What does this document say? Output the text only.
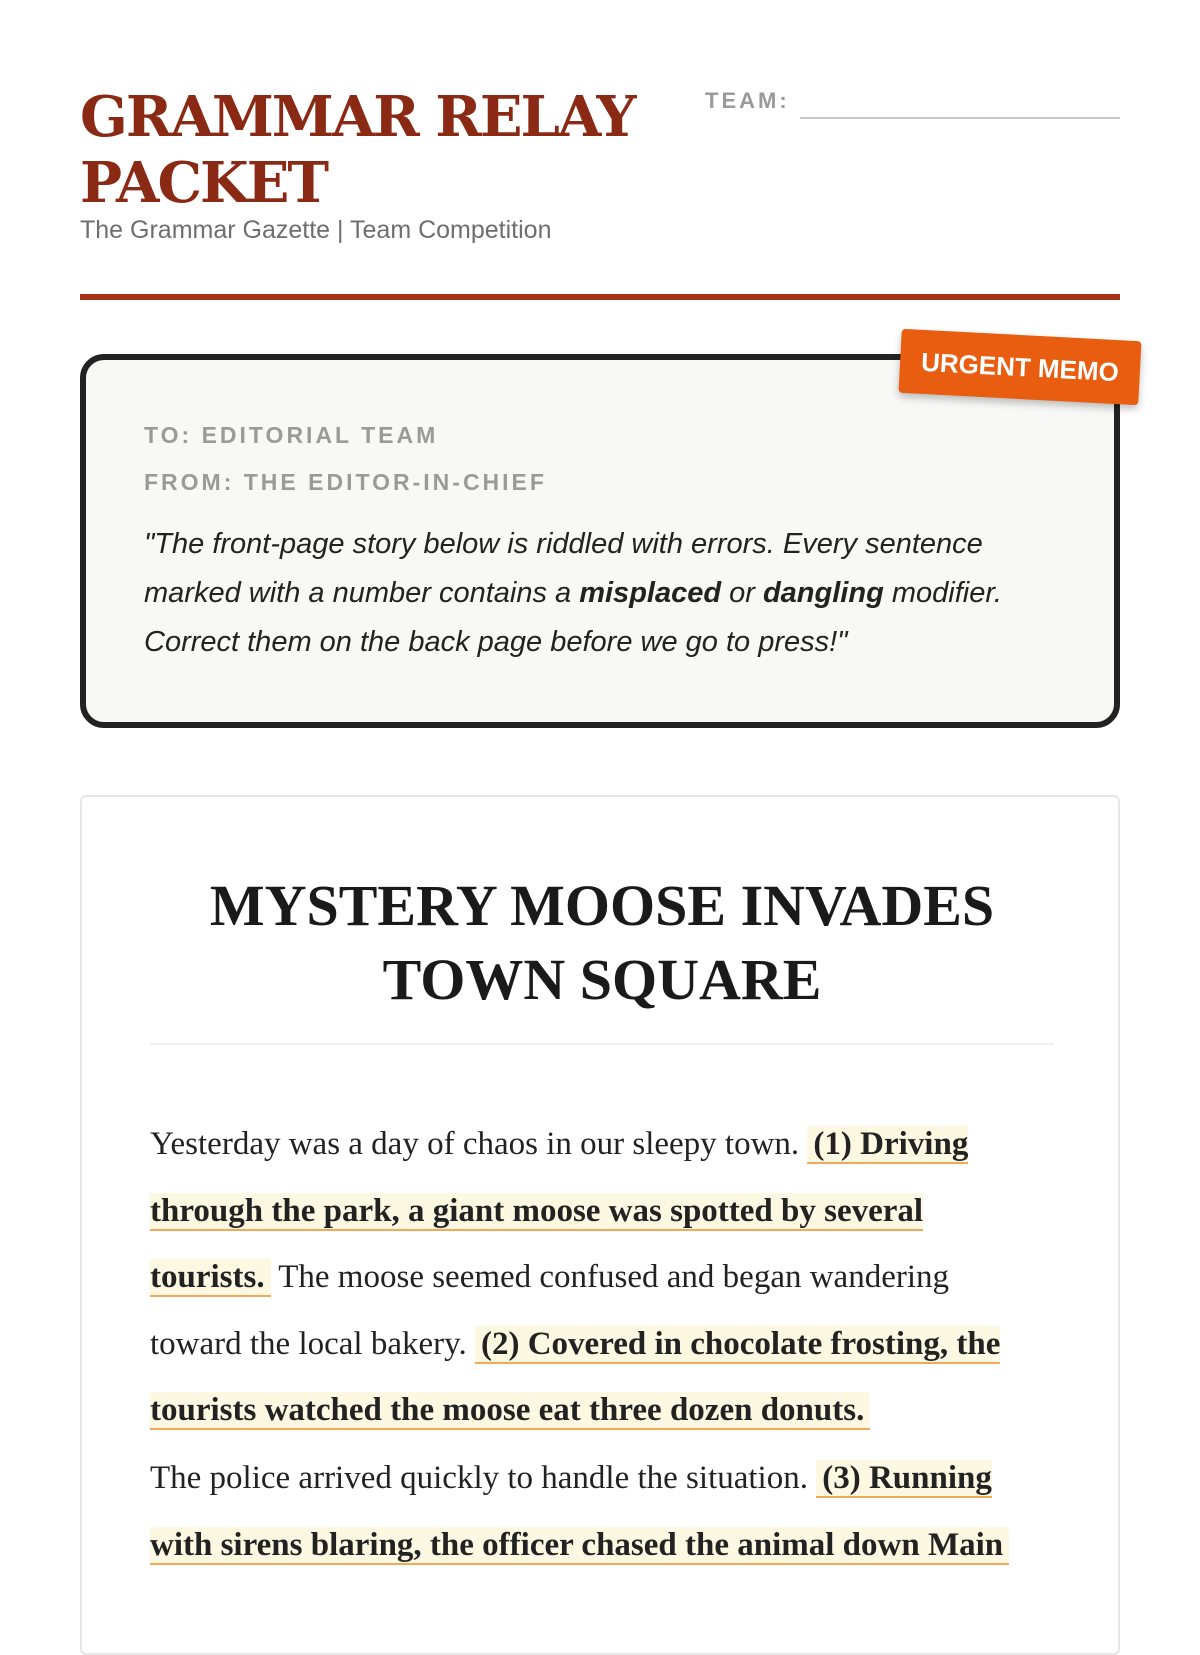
GRAMMAR RELAY PACKET
The Grammar Gazette | Team Competition
TEAM:
TO: EDITORIAL TEAM
FROM: THE EDITOR-IN-CHIEF

"The front-page story below is riddled with errors. Every sentence marked with a number contains a misplaced or dangling modifier. Correct them on the back page before we go to press!"

URGENT MEMO
MYSTERY MOOSE INVADES TOWN SQUARE

Yesterday was a day of chaos in our sleepy town. (1) Driving through the park, a giant moose was spotted by several tourists. The moose seemed confused and began wandering toward the local bakery. (2) Covered in chocolate frosting, the tourists watched the moose eat three dozen donuts.

The police arrived quickly to handle the situation. (3) Running with sirens blaring, the officer chased the animal down Main
